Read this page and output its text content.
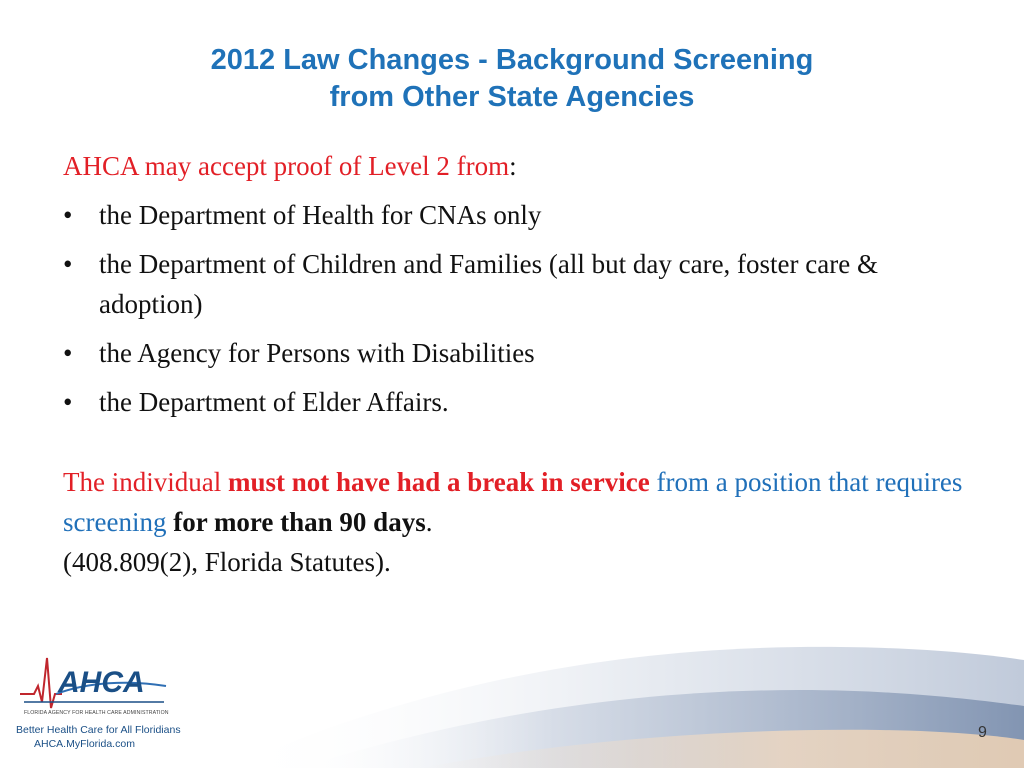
2012 Law Changes - Background Screening
from Other State Agencies
AHCA may accept proof of Level 2 from:
• the Department of Health for CNAs only
• the Department of Children and Families (all but day care, foster care & adoption)
• the Agency for Persons with Disabilities
• the Department of Elder Affairs.
The individual must not have had a break in service from a position that requires screening for more than 90 days.
(408.809(2), Florida Statutes).
AHCA
FLORIDA AGENCY FOR HEALTH CARE ADMINISTRATION
Better Health Care for All Floridians
AHCA.MyFlorida.com
9
